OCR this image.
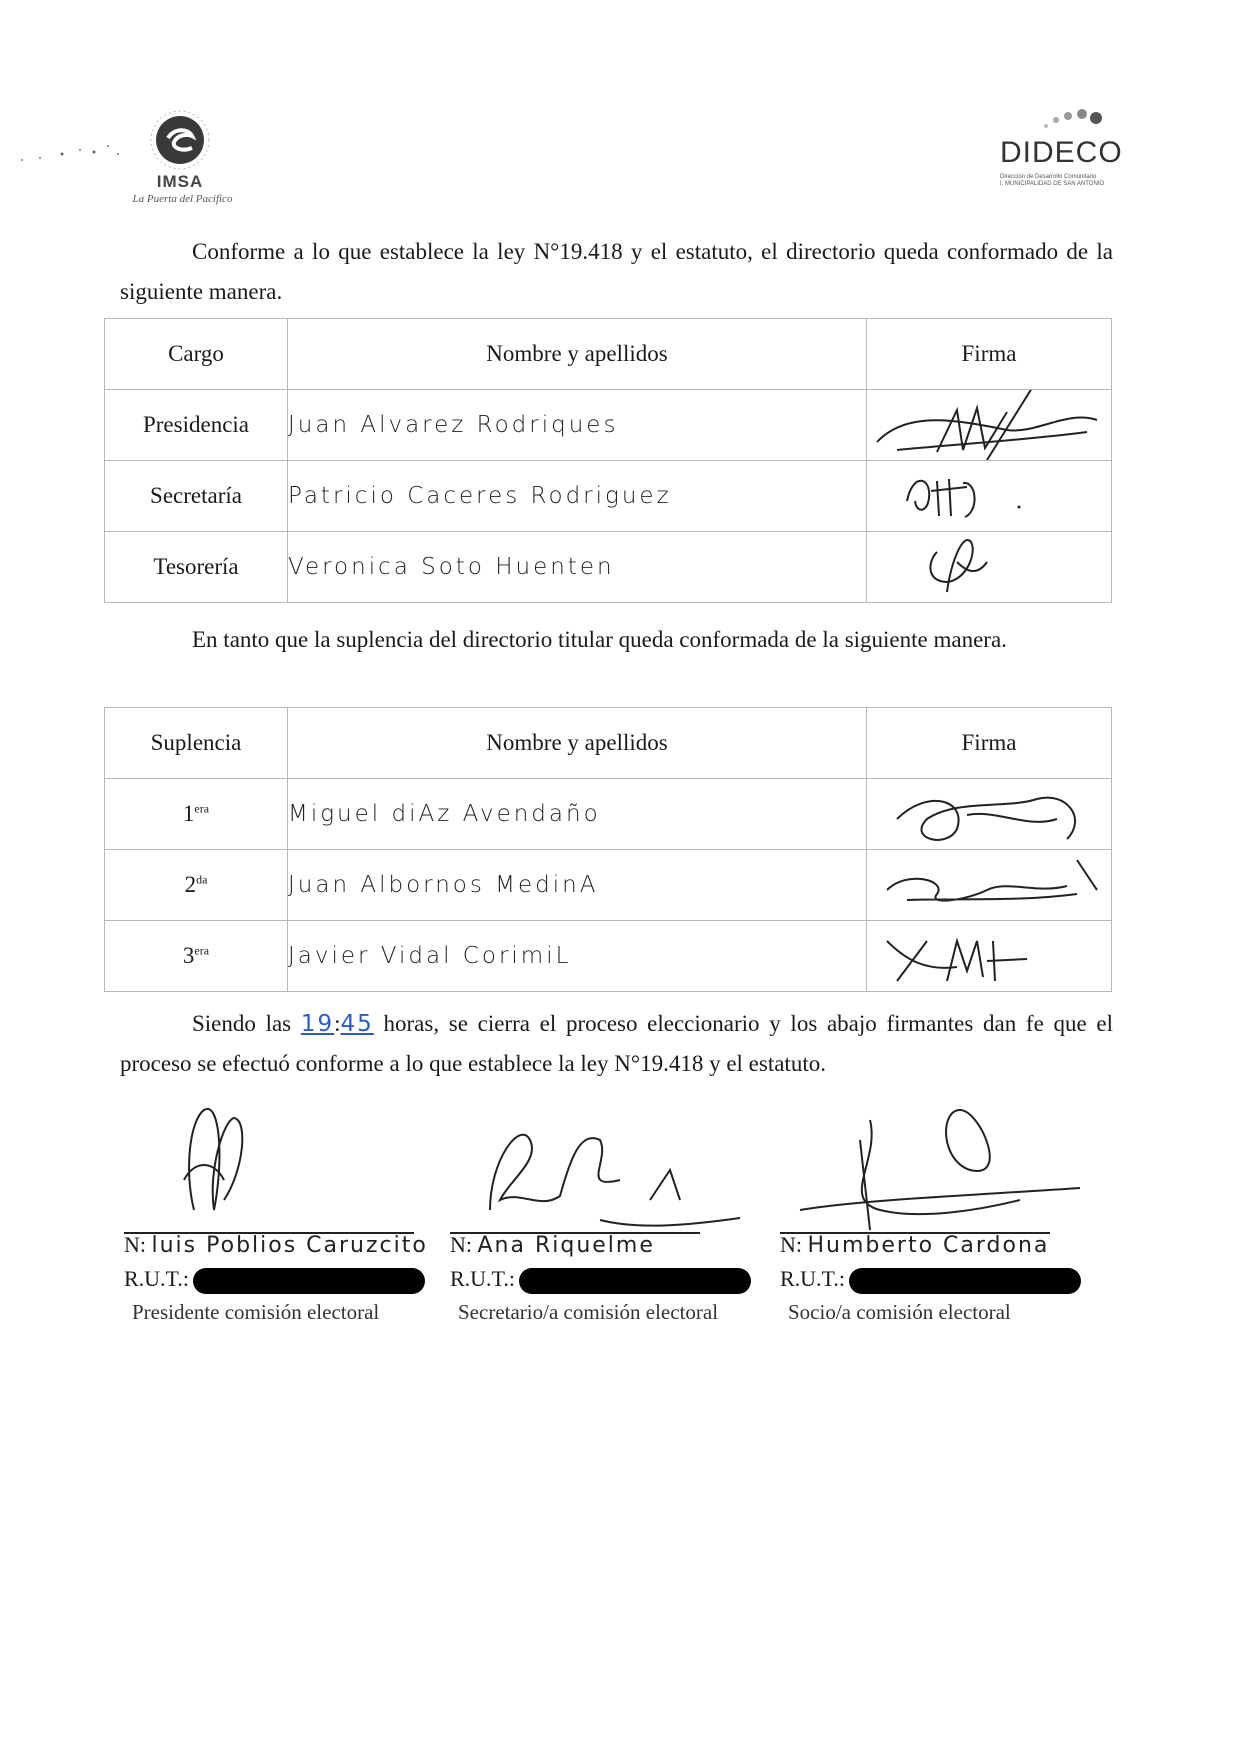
IMSA
La Puerta del Pacífico
DIDECO
Dirección de Desarrollo Comunitario
I. MUNICIPALIDAD DE SAN ANTONIO
Conforme a lo que establece la ley N°19.418 y el estatuto, el directorio queda conformado de la siguiente manera.
Cargo	Nombre y apellidos	Firma
Presidencia	Juan Alvarez Rodriques	

Secretaría	Patricio Caceres Rodriguez	

Tesorería	Veronica Soto Huenten	
En tanto que la suplencia del directorio titular queda conformada de la siguiente manera.
Suplencia	Nombre y apellidos	Firma
$1^{era}$	Miguel diAz Avendaño	

$2^{da}$	Juan Albornos MedinA	

$3^{era}$	Javier Vidal CorimiL	
Siendo las 19:45 horas, se cierra el proceso eleccionario y los abajo firmantes dan fe que el proceso se efectuó conforme a lo que establece la ley N°19.418 y el estatuto.
N: luis Poblios Caruzcito
R.U.T.:
Presidente comisión electoral
N: Ana Riquelme
R.U.T.:
Secretario/a comisión electoral
N: Humberto Cardona
R.U.T.:
Socio/a comisión electoral
